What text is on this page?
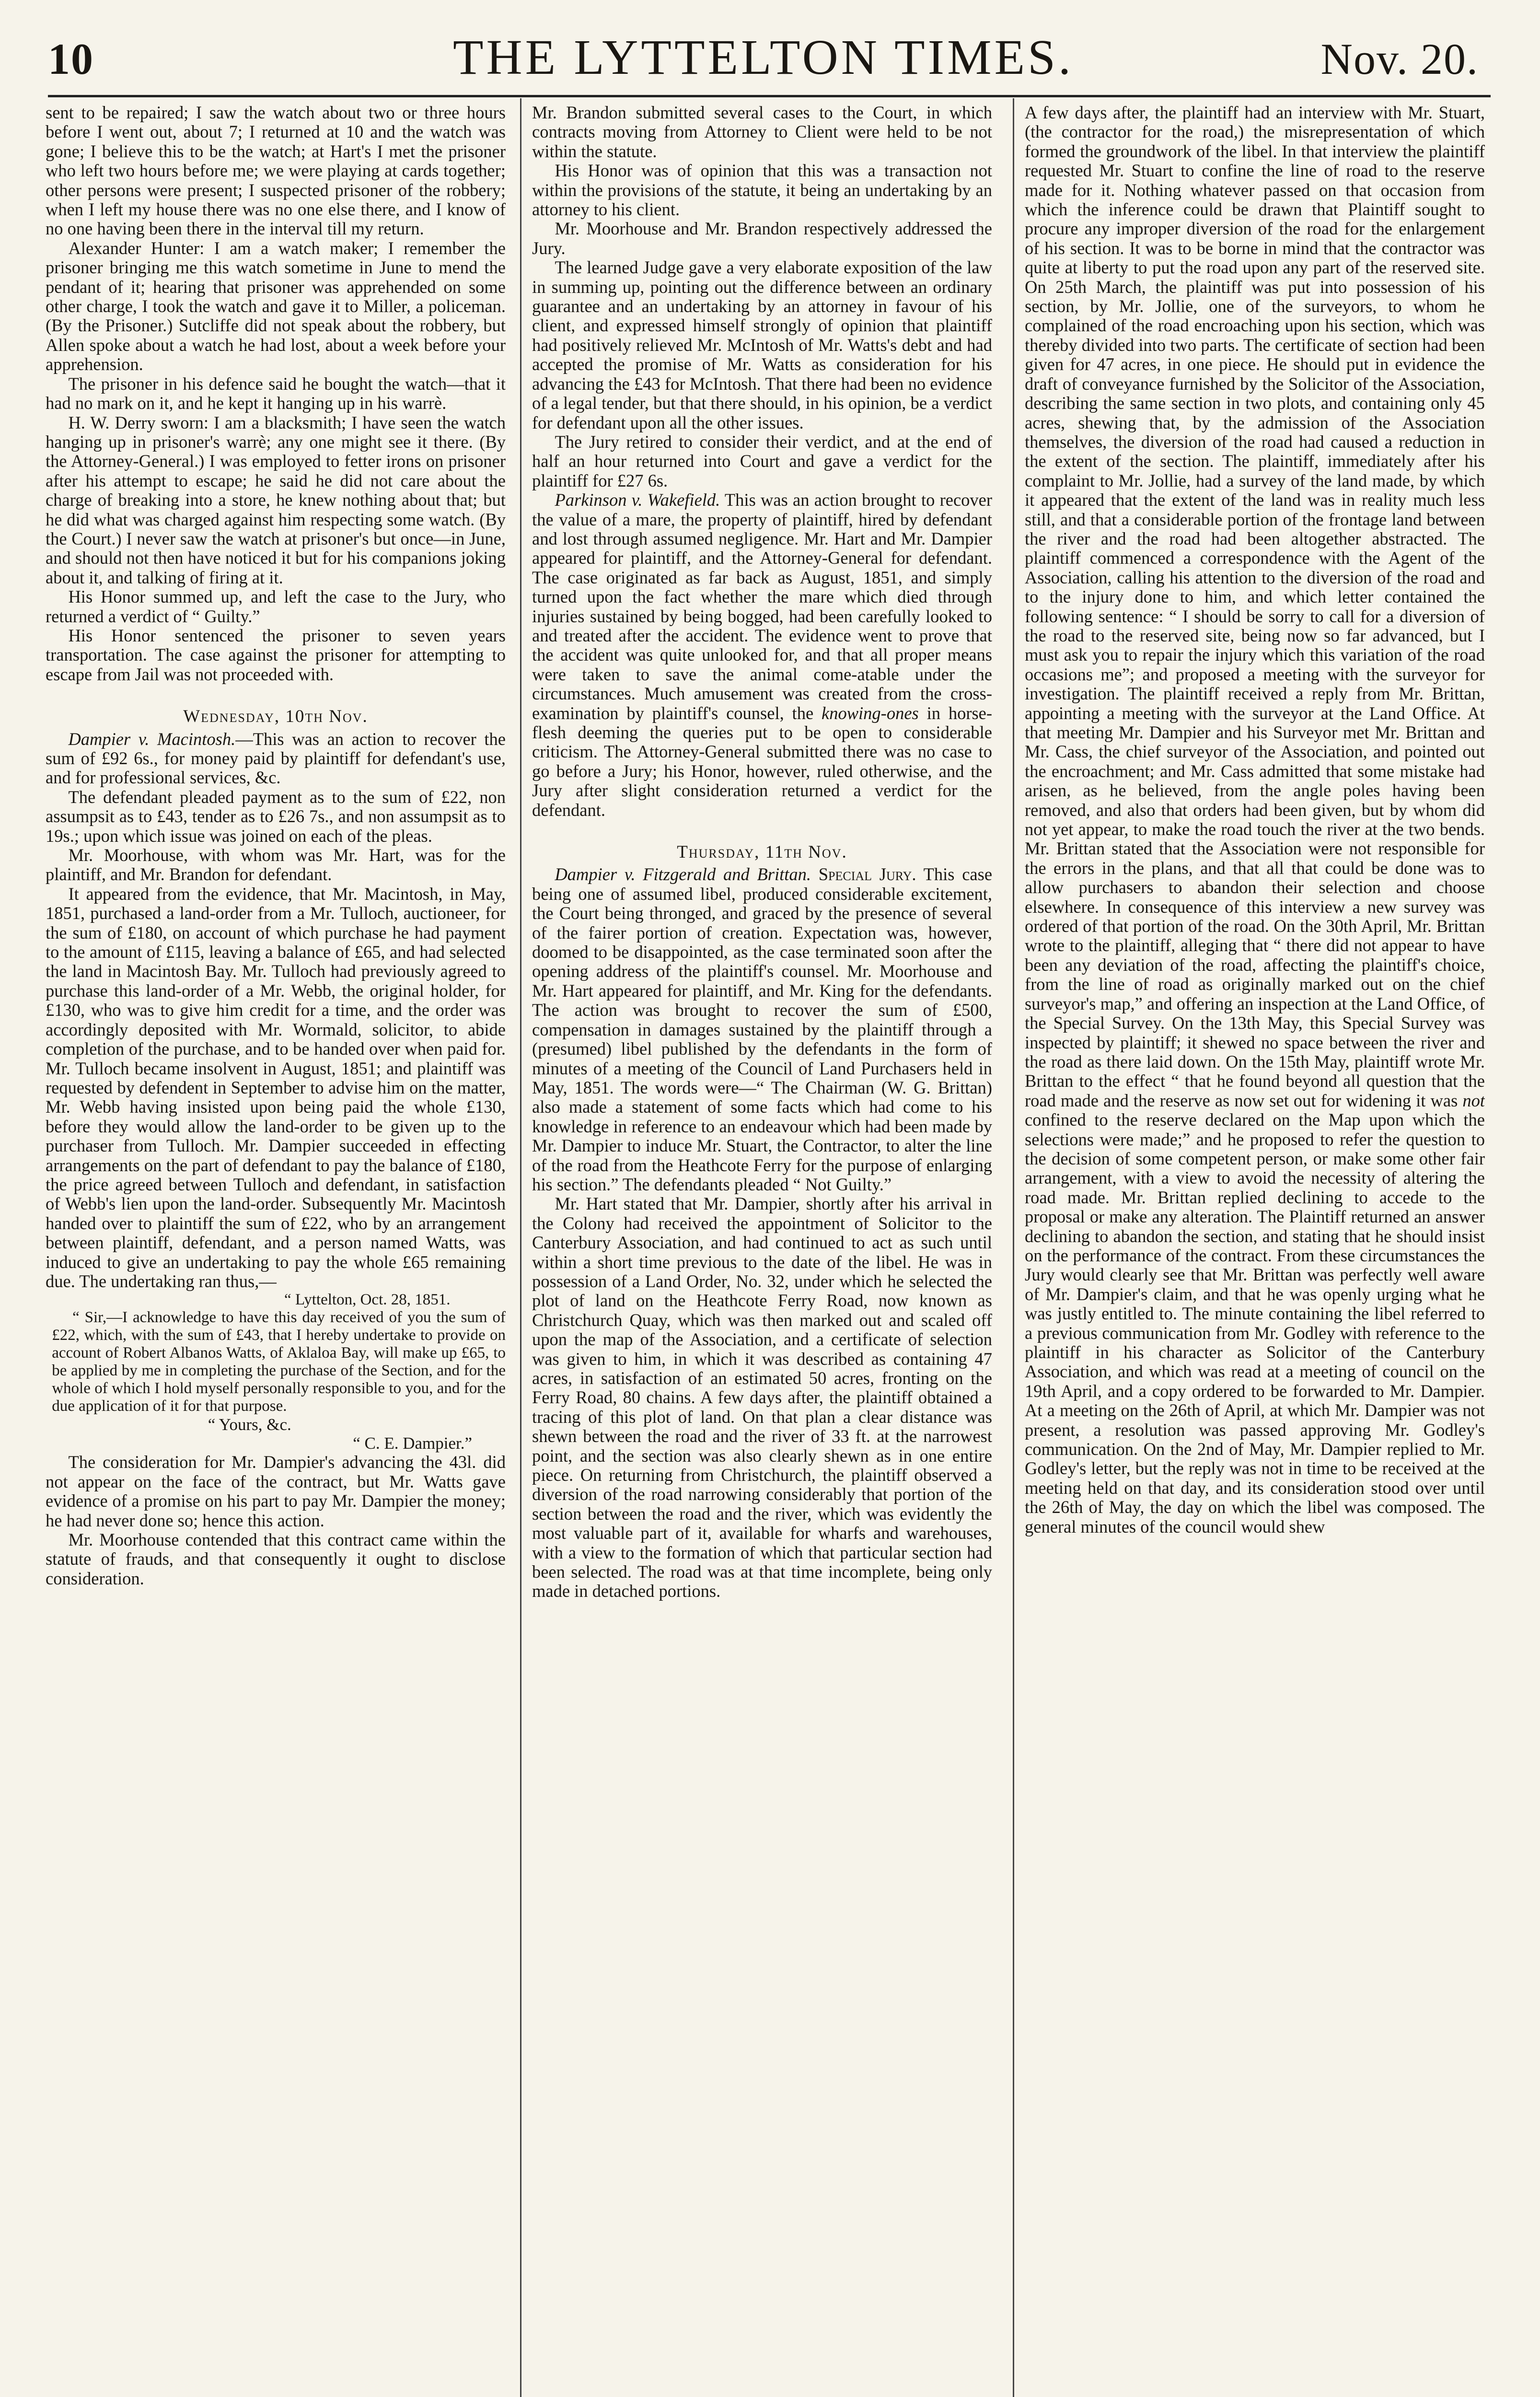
10	THE LYTTELTON TIMES.	Nov. 20.

sent to be repaired; I saw the watch about two or three hours before I went out, about 7; I returned at 10 and the watch was gone; I believe this to be the watch; at Hart's I met the prisoner who left two hours before me; we were playing at cards together; other persons were present; I suspected prisoner of the robbery; when I left my house there was no one else there, and I know of no one having been there in the interval till my return.

Alexander Hunter: I am a watch maker; I remember the prisoner bringing me this watch sometime in June to mend the pendant of it; hearing that prisoner was apprehended on some other charge, I took the watch and gave it to Miller, a policeman. (By the Prisoner.) Sutcliffe did not speak about the robbery, but Allen spoke about a watch he had lost, about a week before your apprehension.

The prisoner in his defence said he bought the watch—that it had no mark on it, and he kept it hanging up in his warrè.

H. W. Derry sworn: I am a blacksmith; I have seen the watch hanging up in prisoner's warrè; any one might see it there. (By the Attorney-General.) I was employed to fetter irons on prisoner after his attempt to escape; he said he did not care about the charge of breaking into a store, he knew nothing about that; but he did what was charged against him respecting some watch. (By the Court.) I never saw the watch at prisoner's but once—in June, and should not then have noticed it but for his companions joking about it, and talking of firing at it.

His Honor summed up, and left the case to the Jury, who returned a verdict of “ Guilty.”

His Honor sentenced the prisoner to seven years transportation. The case against the prisoner for attempting to escape from Jail was not proceeded with.

Wednesday, 10th Nov.

Dampier v. Macintosh.—This was an action to recover the sum of £92 6s., for money paid by plaintiff for defendant's use, and for professional services, &c.

The defendant pleaded payment as to the sum of £22, non assumpsit as to £43, tender as to £26 7s., and non assumpsit as to 19s.; upon which issue was joined on each of the pleas.

Mr. Moorhouse, with whom was Mr. Hart, was for the plaintiff, and Mr. Brandon for defendant.

It appeared from the evidence, that Mr. Macintosh, in May, 1851, purchased a land-order from a Mr. Tulloch, auctioneer, for the sum of £180, on account of which purchase he had payment to the amount of £115, leaving a balance of £65, and had selected the land in Macintosh Bay. Mr. Tulloch had previously agreed to purchase this land-order of a Mr. Webb, the original holder, for £130, who was to give him credit for a time, and the order was accordingly deposited with Mr. Wormald, solicitor, to abide completion of the purchase, and to be handed over when paid for. Mr. Tulloch became insolvent in August, 1851; and plaintiff was requested by defendent in September to advise him on the matter, Mr. Webb having insisted upon being paid the whole £130, before they would allow the land-order to be given up to the purchaser from Tulloch. Mr. Dampier succeeded in effecting arrangements on the part of defendant to pay the balance of £180, the price agreed between Tulloch and defendant, in satisfaction of Webb's lien upon the land-order. Subsequently Mr. Macintosh handed over to plaintiff the sum of £22, who by an arrangement between plaintiff, defendant, and a person named Watts, was induced to give an undertaking to pay the whole £65 remaining due. The undertaking ran thus,—

“ Lyttelton, Oct. 28, 1851.

“ Sir,—I acknowledge to have this day received of you the sum of £22, which, with the sum of £43, that I hereby undertake to provide on account of Robert Albanos Watts, of Aklaloa Bay, will make up £65, to be applied by me in completing the purchase of the Section, and for the whole of which I hold myself personally responsible to you, and for the due application of it for that purpose.

“ Yours, &c.

“ C. E. Dampier.”

The consideration for Mr. Dampier's advancing the 43l. did not appear on the face of the contract, but Mr. Watts gave evidence of a promise on his part to pay Mr. Dampier the money; he had never done so; hence this action.

Mr. Moorhouse contended that this contract came within the statute of frauds, and that consequently it ought to disclose consideration.

Mr. Brandon submitted several cases to the Court, in which contracts moving from Attorney to Client were held to be not within the statute.

His Honor was of opinion that this was a transaction not within the provisions of the statute, it being an undertaking by an attorney to his client.

Mr. Moorhouse and Mr. Brandon respectively addressed the Jury.

The learned Judge gave a very elaborate exposition of the law in summing up, pointing out the difference between an ordinary guarantee and an undertaking by an attorney in favour of his client, and expressed himself strongly of opinion that plaintiff had positively relieved Mr. McIntosh of Mr. Watts's debt and had accepted the promise of Mr. Watts as consideration for his advancing the £43 for McIntosh. That there had been no evidence of a legal tender, but that there should, in his opinion, be a verdict for defendant upon all the other issues.

The Jury retired to consider their verdict, and at the end of half an hour returned into Court and gave a verdict for the plaintiff for £27 6s.

Parkinson v. Wakefield. This was an action brought to recover the value of a mare, the property of plaintiff, hired by defendant and lost through assumed negligence. Mr. Hart and Mr. Dampier appeared for plaintiff, and the Attorney-General for defendant. The case originated as far back as August, 1851, and simply turned upon the fact whether the mare which died through injuries sustained by being bogged, had been carefully looked to and treated after the accident. The evidence went to prove that the accident was quite unlooked for, and that all proper means were taken to save the animal come-atable under the circumstances. Much amusement was created from the cross-examination by plaintiff's counsel, the knowing-ones in horse-flesh deeming the queries put to be open to considerable criticism. The Attorney-General submitted there was no case to go before a Jury; his Honor, however, ruled otherwise, and the Jury after slight consideration returned a verdict for the defendant.

Thursday, 11th Nov.

Dampier v. Fitzgerald and Brittan. Special Jury. This case being one of assumed libel, produced considerable excitement, the Court being thronged, and graced by the presence of several of the fairer portion of creation. Expectation was, however, doomed to be disappointed, as the case terminated soon after the opening address of the plaintiff's counsel. Mr. Moorhouse and Mr. Hart appeared for plaintiff, and Mr. King for the defendants. The action was brought to recover the sum of £500, compensation in damages sustained by the plaintiff through a (presumed) libel published by the defendants in the form of minutes of a meeting of the Council of Land Purchasers held in May, 1851. The words were—“ The Chairman (W. G. Brittan) also made a statement of some facts which had come to his knowledge in reference to an endeavour which had been made by Mr. Dampier to induce Mr. Stuart, the Contractor, to alter the line of the road from the Heathcote Ferry for the purpose of enlarging his section.” The defendants pleaded “ Not Guilty.”

Mr. Hart stated that Mr. Dampier, shortly after his arrival in the Colony had received the appointment of Solicitor to the Canterbury Association, and had continued to act as such until within a short time previous to the date of the libel. He was in possession of a Land Order, No. 32, under which he selected the plot of land on the Heathcote Ferry Road, now known as Christchurch Quay, which was then marked out and scaled off upon the map of the Association, and a certificate of selection was given to him, in which it was described as containing 47 acres, in satisfaction of an estimated 50 acres, fronting on the Ferry Road, 80 chains. A few days after, the plaintiff obtained a tracing of this plot of land. On that plan a clear distance was shewn between the road and the river of 33 ft. at the narrowest point, and the section was also clearly shewn as in one entire piece. On returning from Christchurch, the plaintiff observed a diversion of the road narrowing considerably that portion of the section between the road and the river, which was evidently the most valuable part of it, available for wharfs and warehouses, with a view to the formation of which that particular section had been selected. The road was at that time incomplete, being only made in detached portions.

A few days after, the plaintiff had an interview with Mr. Stuart, (the contractor for the road,) the misrepresentation of which formed the groundwork of the libel. In that interview the plaintiff requested Mr. Stuart to confine the line of road to the reserve made for it. Nothing whatever passed on that occasion from which the inference could be drawn that Plaintiff sought to procure any improper diversion of the road for the enlargement of his section. It was to be borne in mind that the contractor was quite at liberty to put the road upon any part of the reserved site. On 25th March, the plaintiff was put into possession of his section, by Mr. Jollie, one of the surveyors, to whom he complained of the road encroaching upon his section, which was thereby divided into two parts. The certificate of section had been given for 47 acres, in one piece. He should put in evidence the draft of conveyance furnished by the Solicitor of the Association, describing the same section in two plots, and containing only 45 acres, shewing that, by the admission of the Association themselves, the diversion of the road had caused a reduction in the extent of the section. The plaintiff, immediately after his complaint to Mr. Jollie, had a survey of the land made, by which it appeared that the extent of the land was in reality much less still, and that a considerable portion of the frontage land between the river and the road had been altogether abstracted. The plaintiff commenced a correspondence with the Agent of the Association, calling his attention to the diversion of the road and to the injury done to him, and which letter contained the following sentence: “ I should be sorry to call for a diversion of the road to the reserved site, being now so far advanced, but I must ask you to repair the injury which this variation of the road occasions me”; and proposed a meeting with the surveyor for investigation. The plaintiff received a reply from Mr. Brittan, appointing a meeting with the surveyor at the Land Office. At that meeting Mr. Dampier and his Surveyor met Mr. Brittan and Mr. Cass, the chief surveyor of the Association, and pointed out the encroachment; and Mr. Cass admitted that some mistake had arisen, as he believed, from the angle poles having been removed, and also that orders had been given, but by whom did not yet appear, to make the road touch the river at the two bends. Mr. Brittan stated that the Association were not responsible for the errors in the plans, and that all that could be done was to allow purchasers to abandon their selection and choose elsewhere. In consequence of this interview a new survey was ordered of that portion of the road. On the 30th April, Mr. Brittan wrote to the plaintiff, alleging that “ there did not appear to have been any deviation of the road, affecting the plaintiff's choice, from the line of road as originally marked out on the chief surveyor's map,” and offering an inspection at the Land Office, of the Special Survey. On the 13th May, this Special Survey was inspected by plaintiff; it shewed no space between the river and the road as there laid down. On the 15th May, plaintiff wrote Mr. Brittan to the effect “ that he found beyond all question that the road made and the reserve as now set out for widening it was not confined to the reserve declared on the Map upon which the selections were made;” and he proposed to refer the question to the decision of some competent person, or make some other fair arrangement, with a view to avoid the necessity of altering the road made. Mr. Brittan replied declining to accede to the proposal or make any alteration. The Plaintiff returned an answer declining to abandon the section, and stating that he should insist on the performance of the contract. From these circumstances the Jury would clearly see that Mr. Brittan was perfectly well aware of Mr. Dampier's claim, and that he was openly urging what he was justly entitled to. The minute containing the libel referred to a previous communication from Mr. Godley with reference to the plaintiff in his character as Solicitor of the Canterbury Association, and which was read at a meeting of council on the 19th April, and a copy ordered to be forwarded to Mr. Dampier. At a meeting on the 26th of April, at which Mr. Dampier was not present, a resolution was passed approving Mr. Godley's communication. On the 2nd of May, Mr. Dampier replied to Mr. Godley's letter, but the reply was not in time to be received at the meeting held on that day, and its consideration stood over until the 26th of May, the day on which the libel was composed. The general minutes of the council would shew
